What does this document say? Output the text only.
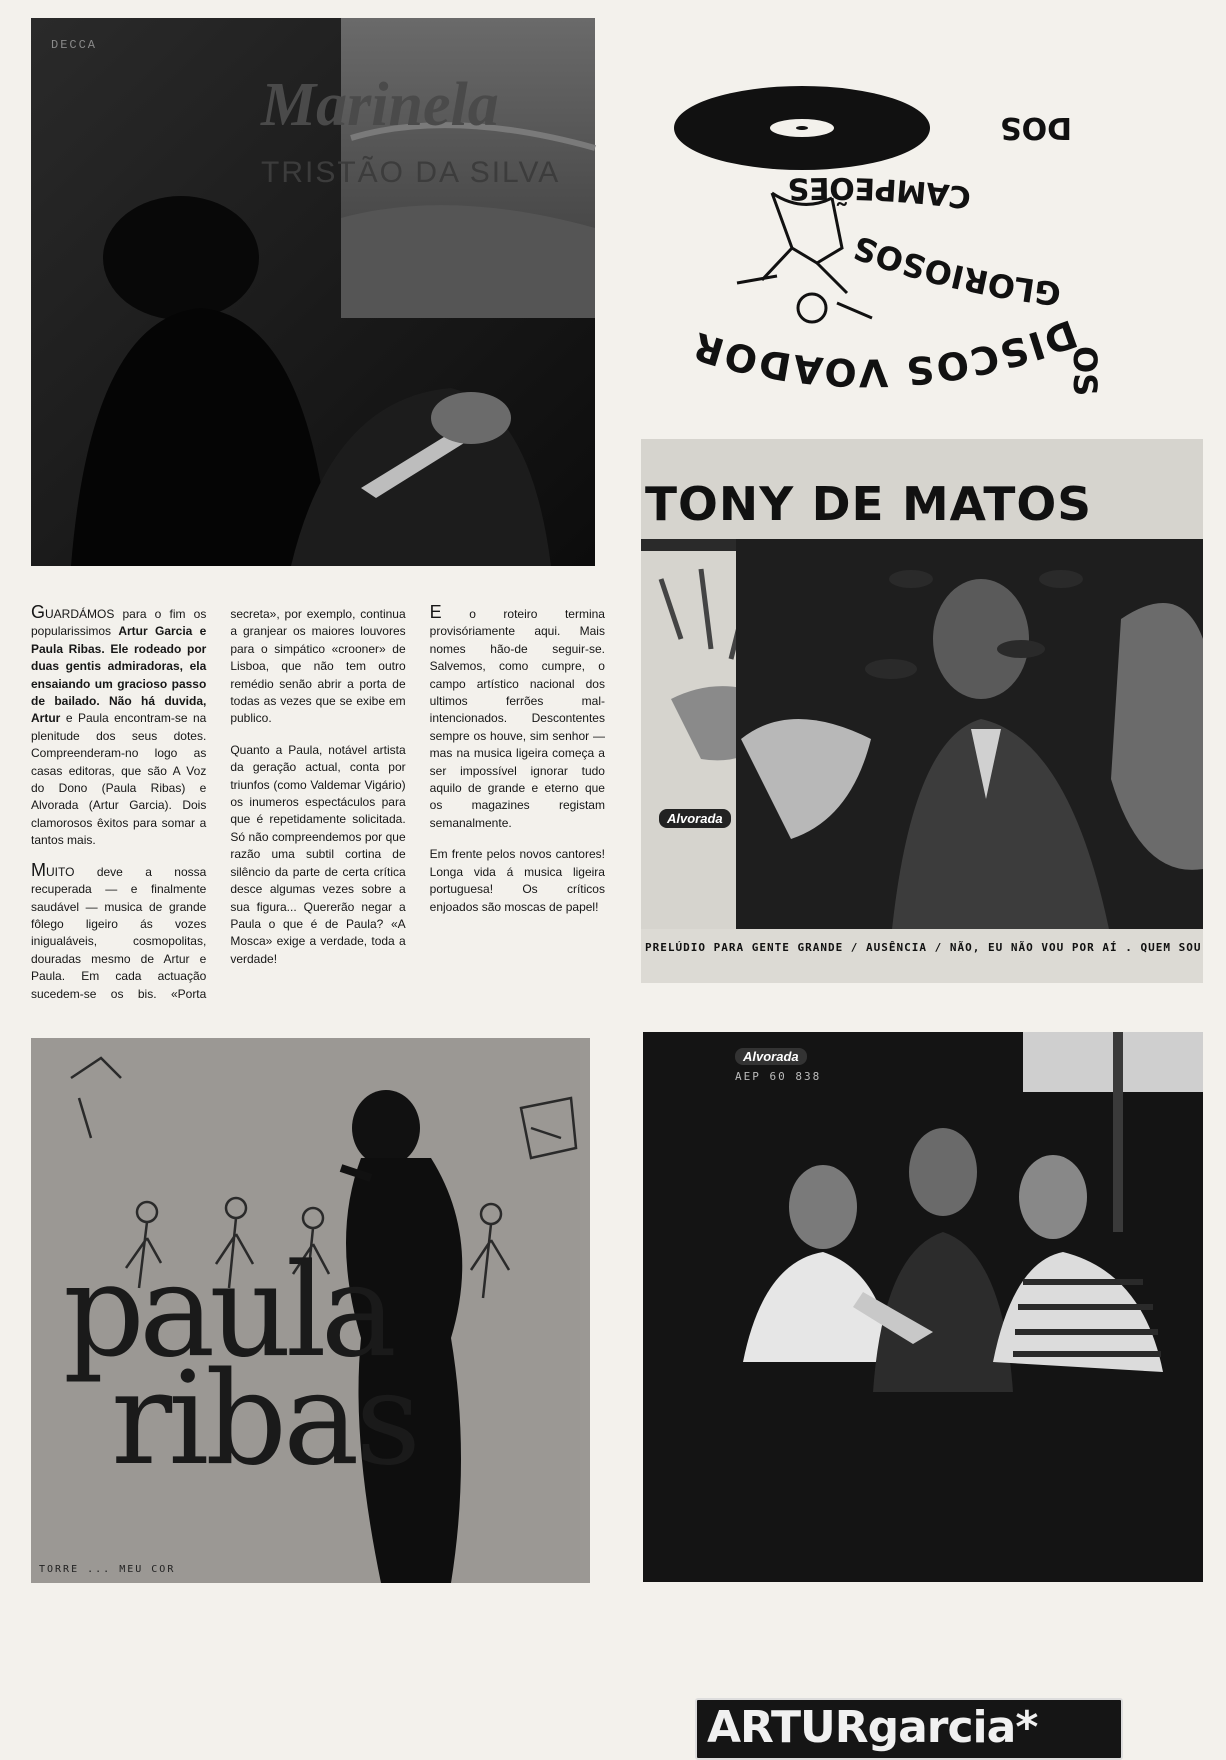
DECCA
Marinela
TRISTÃO DA SILVA
DISCOS VOADOR
DOS
CAMPEÕES
GLORIOSOS
OS
TONY DE MATOS
Alvorada
PRELÚDIO PARA GENTE GRANDE / AUSÊNCIA / NÃO, EU NÃO VOU POR AÍ . QUEM SOU

GUARDÁMOS para o fim os popularissimos Artur Garcia e Paula Ribas. Ele rodeado por duas gentis admiradoras, ela ensaiando um gracioso passo de bailado. Não há duvida, Artur e Paula encontram-se na plenitude dos seus dotes. Compreenderam-no logo as casas editoras, que são A Voz do Dono (Paula Ribas) e Alvorada (Artur Garcia). Dois clamorosos êxitos para somar a tantos mais.

MUITO deve a nossa recuperada — e finalmente saudável — musica de grande fôlego ligeiro ás vozes inigualáveis, cosmopolitas, douradas mesmo de Artur e Paula. Em cada actuação sucedem-se os bis. «Porta secreta», por exemplo, continua a granjear os maiores louvores para o simpático «crooner» de Lisboa, que não tem outro remédio senão abrir a porta de todas as vezes que se exibe em publico.

Quanto a Paula, notável artista da geração actual, conta por triunfos (como Valdemar Vigário) os inumeros espectáculos para que é repetidamente solicitada. Só não compreendemos por que razão uma subtil cortina de silêncio da parte de certa crítica desce algumas vezes sobre a sua figura... Quererão negar a Paula o que é de Paula? «A Mosca» exige a verdade, toda a verdade!

E o roteiro termina provisóriamente aqui. Mais nomes hão-de seguir-se. Salvemos, como cumpre, o campo artístico nacional dos ultimos ferrões mal-intencionados. Descontentes sempre os houve, sim senhor — mas na musica ligeira começa a ser impossível ignorar tudo aquilo de grande e eterno que os magazines registam semanalmente.

Em frente pelos novos cantores! Longa vida á musica ligeira portuguesa! Os críticos enjoados são moscas de papel!

paula
ribas
TORRE ... MEU COR
Alvorada
AEP 60 838
ARTURgarcia*
